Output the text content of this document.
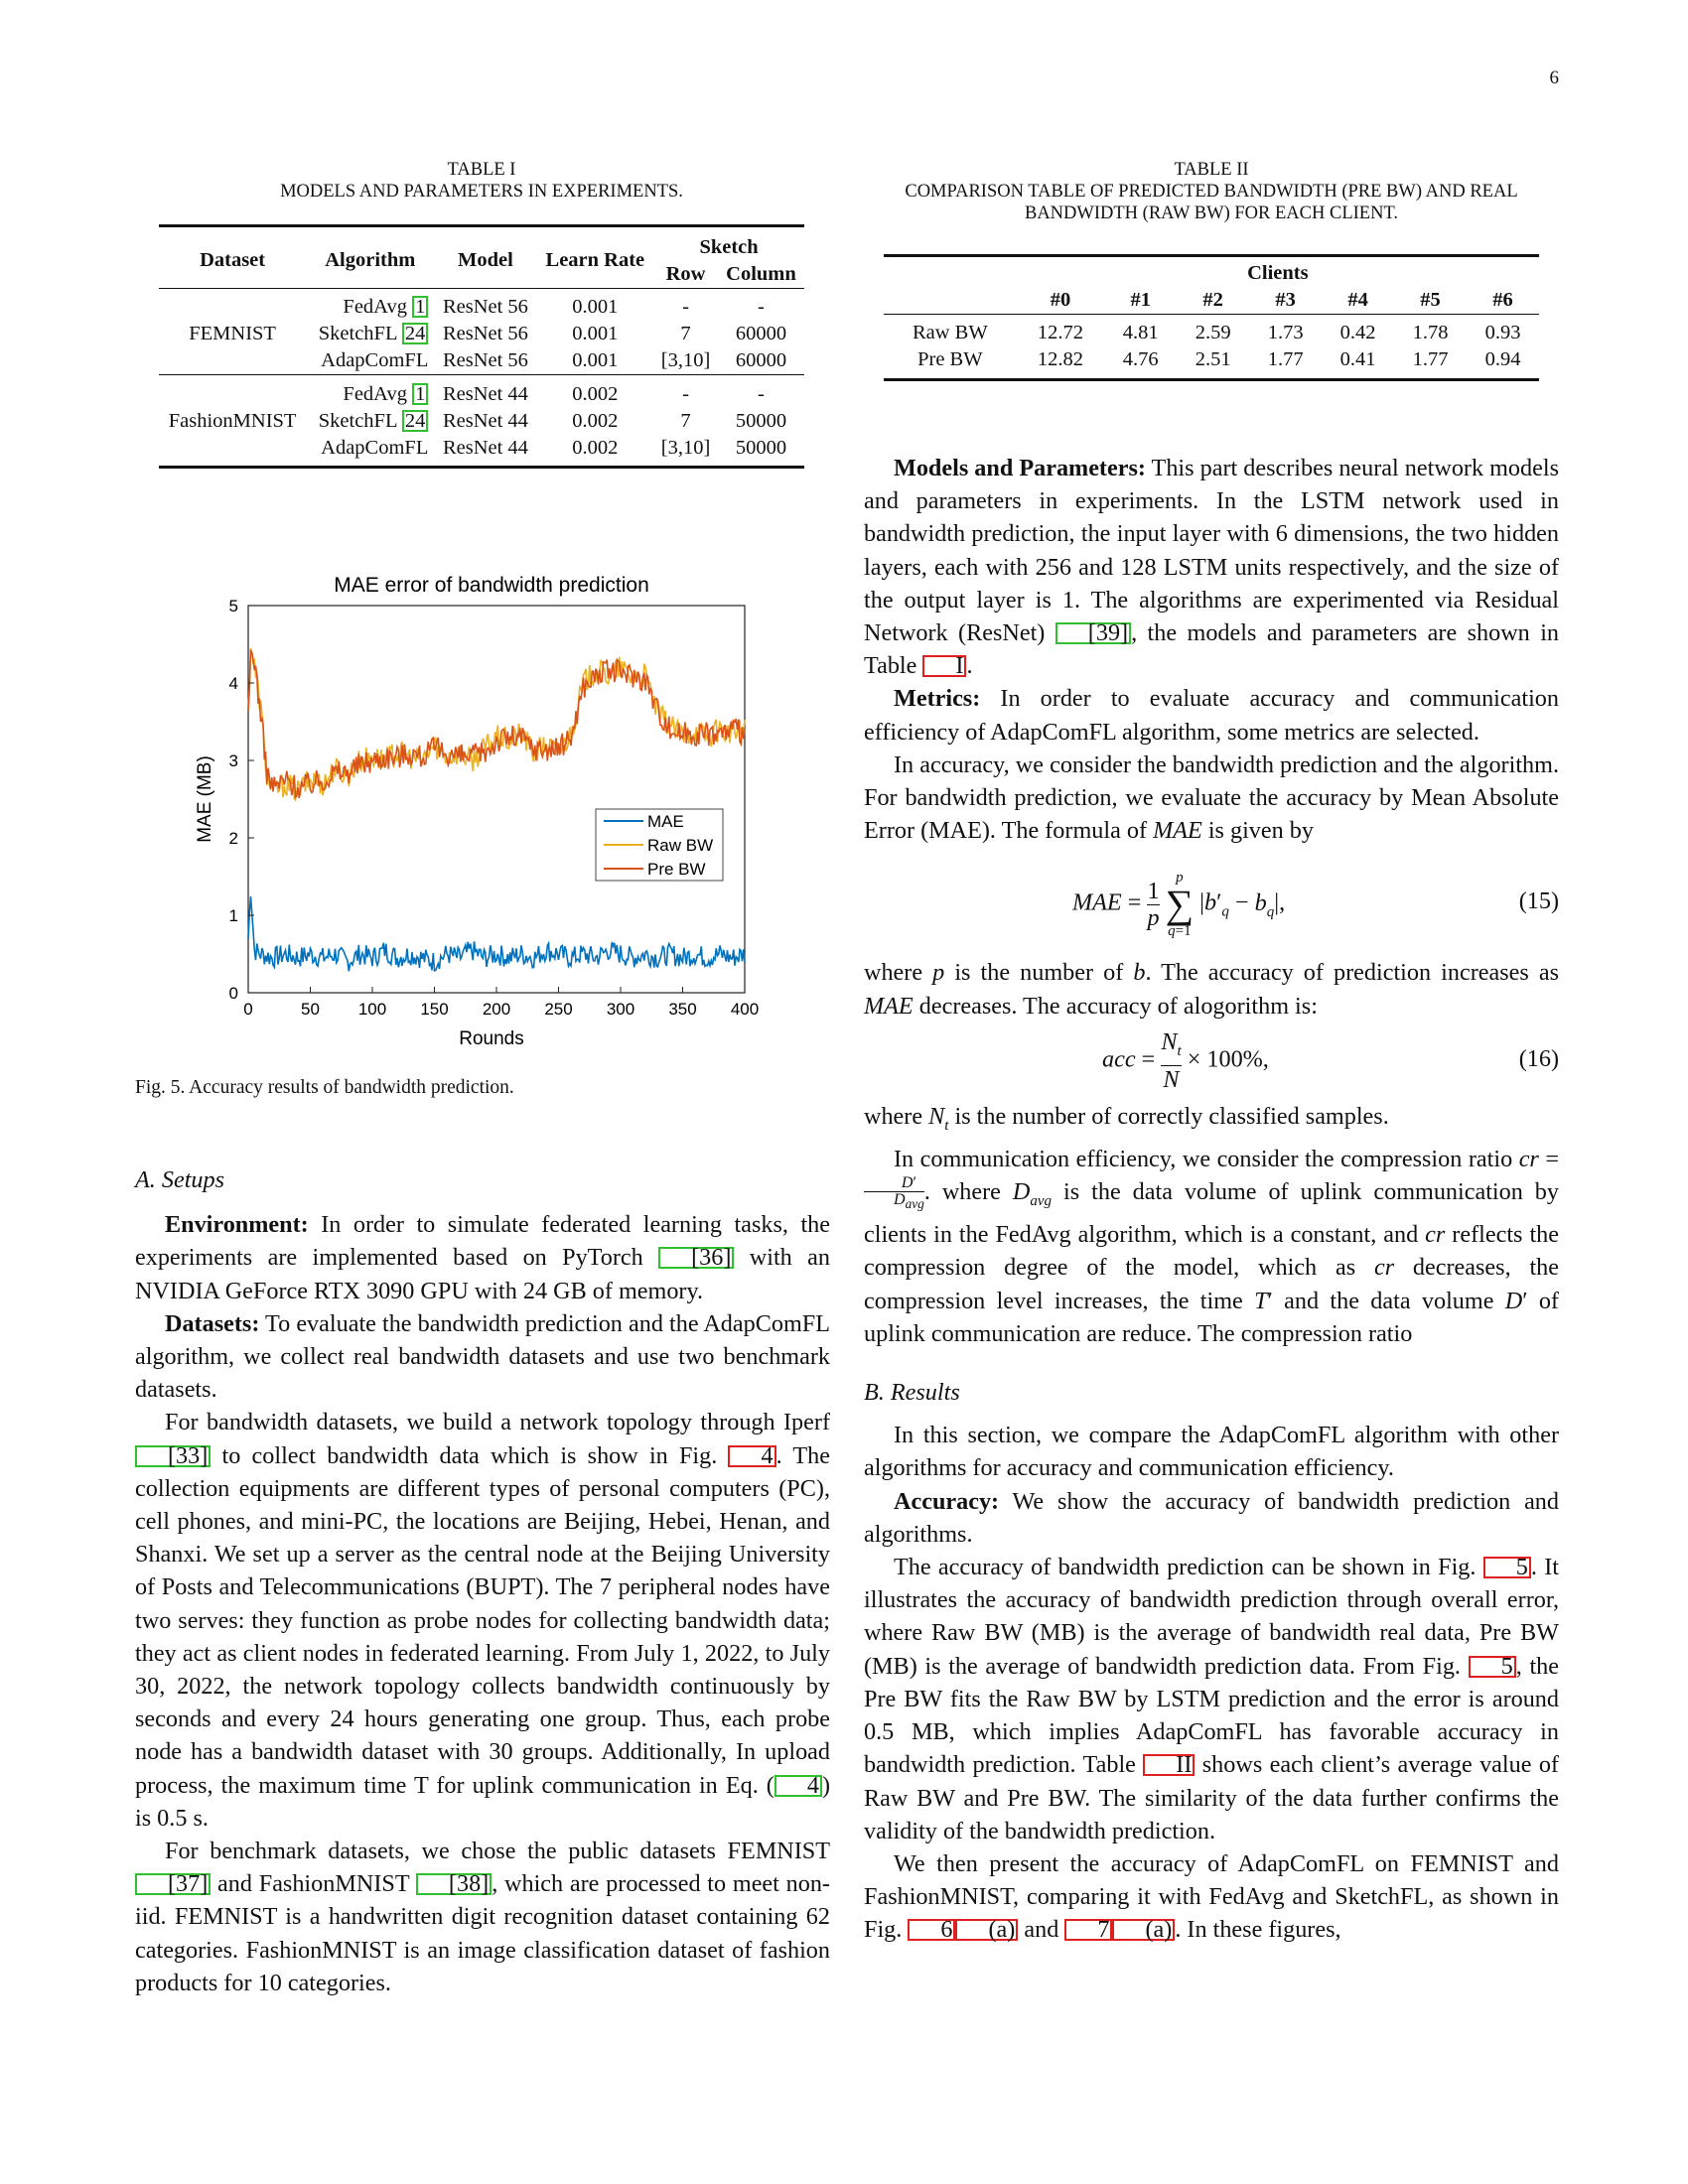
6
TABLE I
MODELS AND PARAMETERS IN EXPERIMENTS.

Dataset	Algorithm	Model	Learn Rate	Sketch	
				Row	Column

FEMNIST	FedAvg 1	ResNet 56	0.001	-	-
	SketchFL 24	ResNet 56	0.001	7	60000
	AdapComFL	ResNet 56	0.001	[3,10]	60000

FashionMNIST	FedAvg 1	ResNet 44	0.002	-	-
	SketchFL 24	ResNet 44	0.002	7	50000
	AdapComFL	ResNet 44	0.002	[3,10]	50000

TABLE II
COMPARISON TABLE OF PREDICTED BANDWIDTH (PRE BW) AND REAL
BANDWIDTH (RAW BW) FOR EACH CLIENT.

	Clients						
	#0	#1	#2	#3	#4	#5	#6

Raw BW	12.72	4.81	2.59	1.73	0.42	1.78	0.93
Pre BW	12.82	4.76	2.51	1.77	0.41	1.77	0.94

MAE error of bandwidth prediction
0	50 100 150 200 250 300 350 400
0
1
2
3
4
5
Rounds
MAE (MB)	MAE
Raw BW
Pre BW
Fig. 5. Accuracy results of bandwidth prediction.
A. Setups

Environment: In order to simulate federated learning tasks, the experiments are implemented based on PyTorch [36] with an NVIDIA GeForce RTX 3090 GPU with 24 GB of memory.

Datasets: To evaluate the bandwidth prediction and the AdapComFL algorithm, we collect real bandwidth datasets and use two benchmark datasets.

For bandwidth datasets, we build a network topology through Iperf [33] to collect bandwidth data which is show in Fig. 4 . The collection equipments are different types of personal computers (PC), cell phones, and mini-PC, the locations are Beijing, Hebei, Henan, and Shanxi. We set up a server as the central node at the Beijing University of Posts and Telecommunications (BUPT). The 7 peripheral nodes have two serves: they function as probe nodes for collecting bandwidth data; they act as client nodes in federated learning. From July 1, 2022, to July 30, 2022, the network topology collects bandwidth continuously by seconds and every 24 hours generating one group. Thus, each probe node has a bandwidth dataset with 30 groups. Additionally, In upload process, the maximum time T for uplink communication in Eq. ( 4 ) is 0.5 s.

For benchmark datasets, we chose the public datasets FEMNIST [37] and FashionMNIST [38] , which are processed to meet non-iid. FEMNIST is a handwritten digit recognition dataset containing 62 categories. FashionMNIST is an image classification dataset of fashion products for 10 categories.

Models and Parameters: This part describes neural network models and parameters in experiments. In the LSTM network used in bandwidth prediction, the input layer with 6 dimensions, the two hidden layers, each with 256 and 128 LSTM units respectively, and the size of the output layer is 1. The algorithms are experimented via Residual Network (ResNet) [39] , the models and parameters are shown in Table I .

Metrics: In order to evaluate accuracy and communication efficiency of AdapComFL algorithm, some metrics are selected.

In accuracy, we consider the bandwidth prediction and the algorithm. For bandwidth prediction, we evaluate the accuracy by Mean Absolute Error (MAE). The formula of MAE is given by

MAE = 1

p
p
∑
q=1 $|b'_q - b_q|$,	(15)

where p is the number of b. The accuracy of prediction increases as MAE decreases. The accuracy of alogorithm is:

acc = $\frac{N_t}{N} \times 100\%$,	(16)

where $N_t$ is the number of correctly classified samples.

In communication efficiency, we consider the compression ratio cr = D′

$D_{avg}$ . where $D_{avg}$ is the data volume of uplink communication by clients in the FedAvg algorithm, which is a constant, and cr reflects the compression degree of the model, which as cr decreases, the compression level increases, the time T′ and the data volume D′ of uplink communication are reduce. The compression ratio

B. Results

In this section, we compare the AdapComFL algorithm with other algorithms for accuracy and communication efficiency.

Accuracy: We show the accuracy of bandwidth prediction and algorithms.

The accuracy of bandwidth prediction can be shown in Fig. 5 . It illustrates the accuracy of bandwidth prediction through overall error, where Raw BW (MB) is the average of bandwidth real data, Pre BW (MB) is the average of bandwidth prediction data. From Fig. 5 , the Pre BW fits the Raw BW by LSTM prediction and the error is around 0.5 MB, which implies AdapComFL has favorable accuracy in bandwidth prediction. Table II shows each client’s average value of Raw BW and Pre BW. The similarity of the data further confirms the validity of the bandwidth prediction.

We then present the accuracy of AdapComFL on FEMNIST and FashionMNIST, comparing it with FedAvg and SketchFL, as shown in Fig. 6 (a) and 7 (a) . In these figures,
